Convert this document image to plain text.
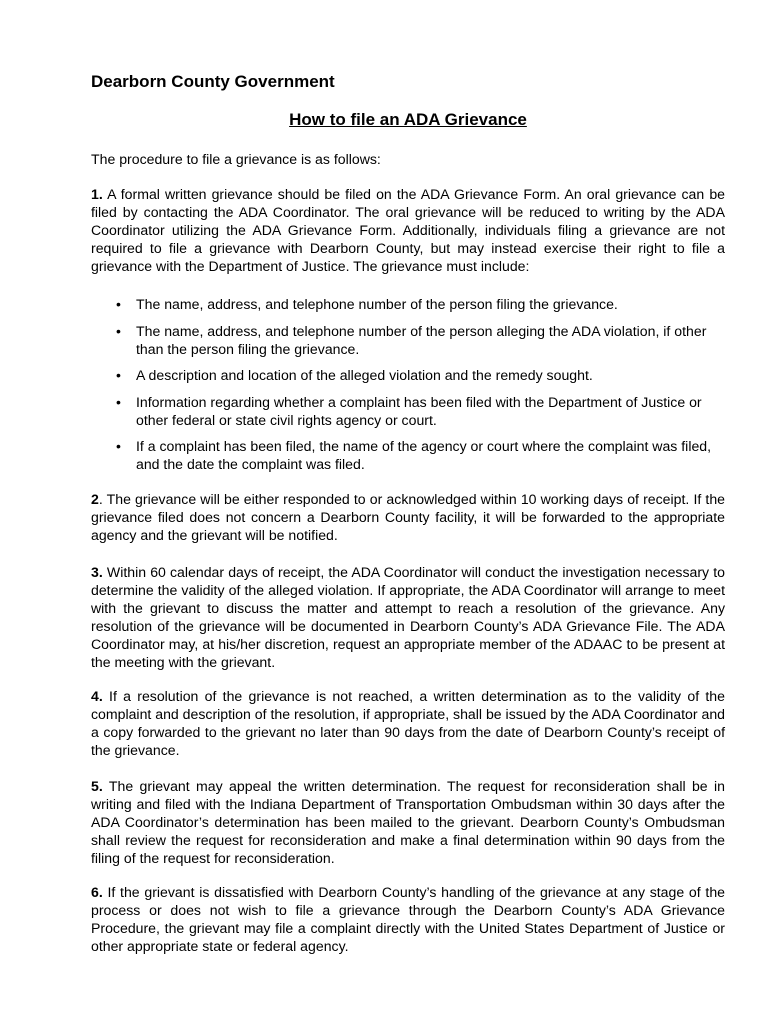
Dearborn County Government
How to file an ADA Grievance

The procedure to file a grievance is as follows:

1. A formal written grievance should be filed on the ADA Grievance Form. An oral grievance can be filed by contacting the ADA Coordinator. The oral grievance will be reduced to writing by the ADA Coordinator utilizing the ADA Grievance Form. Additionally, individuals filing a grievance are not required to file a grievance with Dearborn County, but may instead exercise their right to file a grievance with the Department of Justice. The grievance must include:

• The name, address, and telephone number of the person filing the grievance.
• The name, address, and telephone number of the person alleging the ADA violation, if other than the person filing the grievance.
• A description and location of the alleged violation and the remedy sought.
• Information regarding whether a complaint has been filed with the Department of Justice or other federal or state civil rights agency or court.
• If a complaint has been filed, the name of the agency or court where the complaint was filed, and the date the complaint was filed.

2. The grievance will be either responded to or acknowledged within 10 working days of receipt. If the grievance filed does not concern a Dearborn County facility, it will be forwarded to the appropriate agency and the grievant will be notified.

3. Within 60 calendar days of receipt, the ADA Coordinator will conduct the investigation necessary to determine the validity of the alleged violation. If appropriate, the ADA Coordinator will arrange to meet with the grievant to discuss the matter and attempt to reach a resolution of the grievance. Any resolution of the grievance will be documented in Dearborn County’s ADA Grievance File. The ADA Coordinator may, at his/her discretion, request an appropriate member of the ADAAC to be present at the meeting with the grievant.

4. If a resolution of the grievance is not reached, a written determination as to the validity of the complaint and description of the resolution, if appropriate, shall be issued by the ADA Coordinator and a copy forwarded to the grievant no later than 90 days from the date of Dearborn County’s receipt of the grievance.

5. The grievant may appeal the written determination. The request for reconsideration shall be in writing and filed with the Indiana Department of Transportation Ombudsman within 30 days after the ADA Coordinator’s determination has been mailed to the grievant. Dearborn County’s Ombudsman shall review the request for reconsideration and make a final determination within 90 days from the filing of the request for reconsideration.

6. If the grievant is dissatisfied with Dearborn County’s handling of the grievance at any stage of the process or does not wish to file a grievance through the Dearborn County’s ADA Grievance Procedure, the grievant may file a complaint directly with the United States Department of Justice or other appropriate state or federal agency.
